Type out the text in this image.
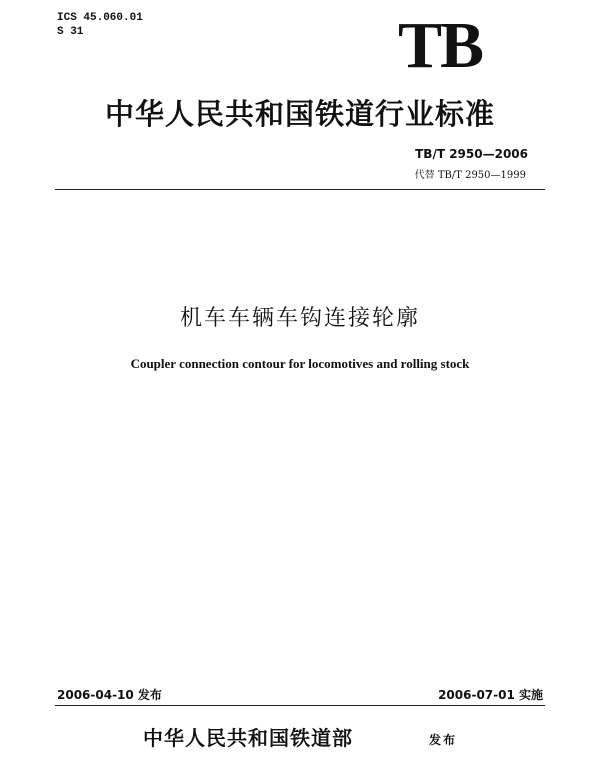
ICS 45.060.01
S 31	TB
中华人民共和国铁道行业标准
TB/T 2950—2006
代替 TB/T 2950—1999
机车车辆车钩连接轮廓
Coupler connection contour for locomotives and rolling stock
2006-04-10 发布	2006-07-01 实施
中华人民共和国铁道部	发布
